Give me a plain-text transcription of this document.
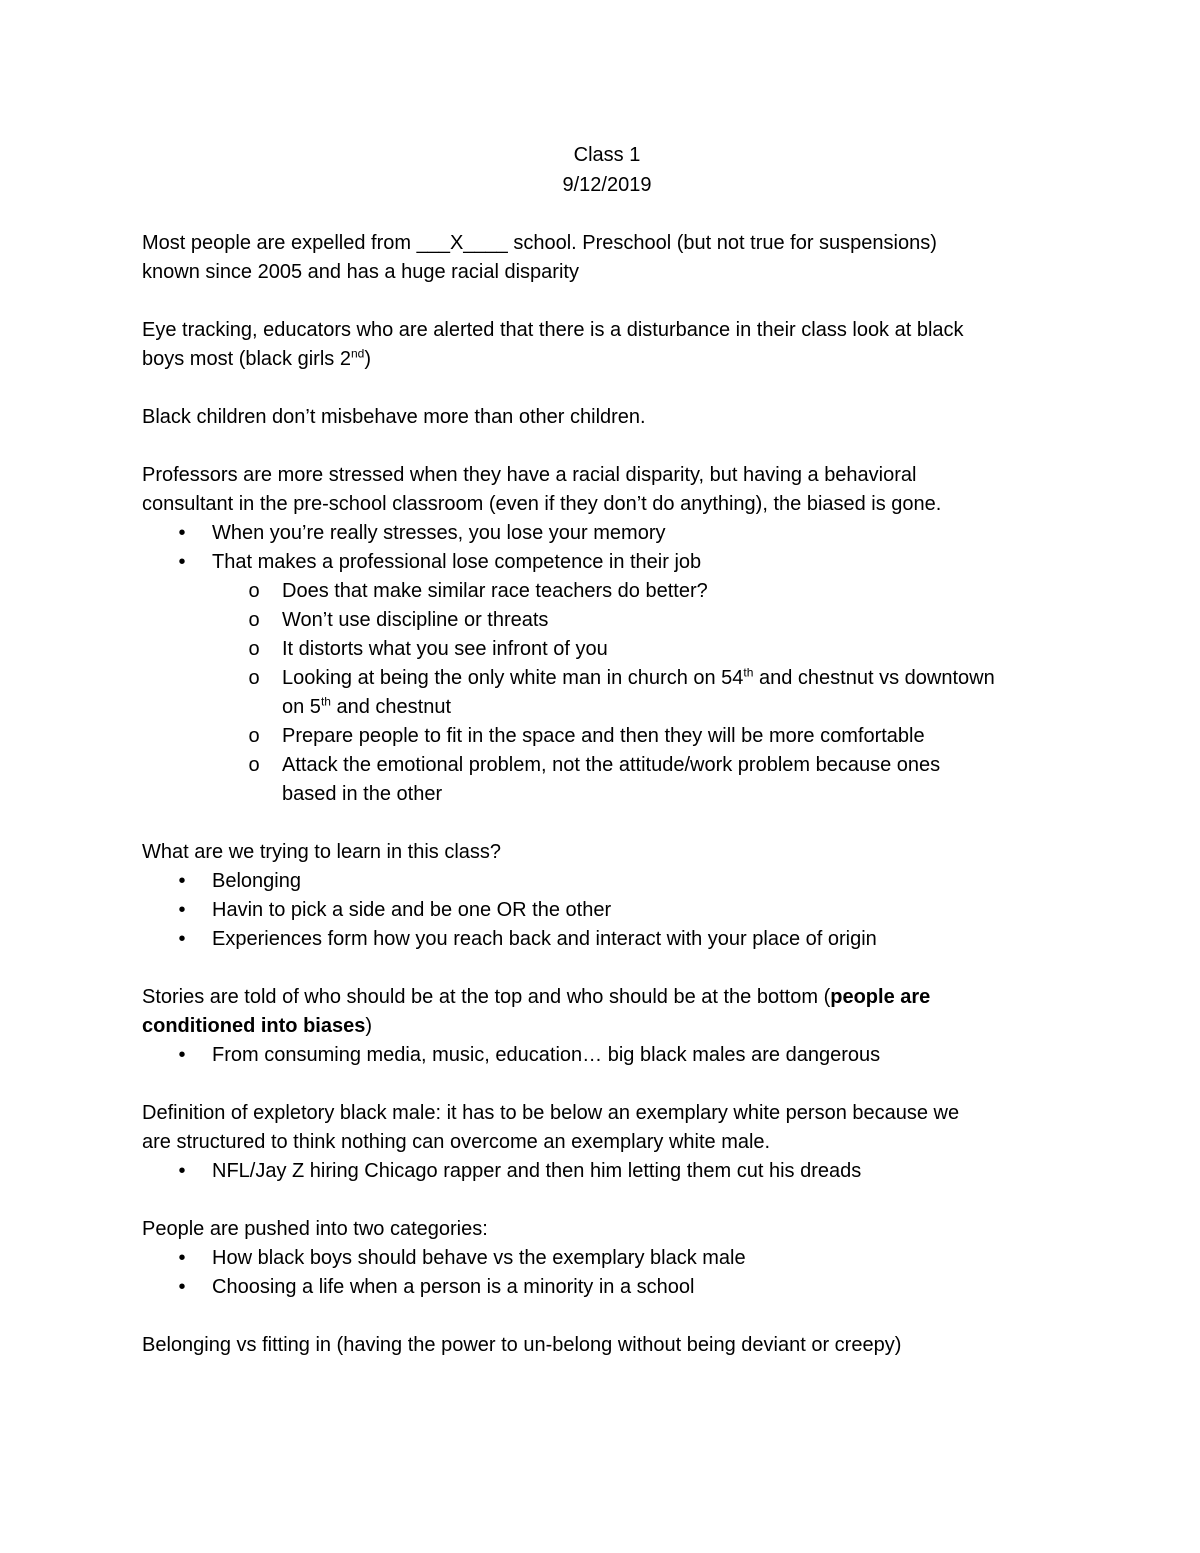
Class 1

9/12/2019

Most people are expelled from ___X____ school. Preschool (but not true for suspensions)

known since 2005 and has a huge racial disparity

Eye tracking, educators who are alerted that there is a disturbance in their class look at black

boys most (black girls 2nd)

Black children don’t misbehave more than other children.

Professors are more stressed when they have a racial disparity, but having a behavioral

consultant in the pre-school classroom (even if they don’t do anything), the biased is gone.

• When you’re really stresses, you lose your memory
• That makes a professional lose competence in their job
o Does that make similar race teachers do better?
o Won’t use discipline or threats
o It distorts what you see infront of you
o Looking at being the only white man in church on 54th and chestnut vs downtown
on 5th and chestnut
o Prepare people to fit in the space and then they will be more comfortable
o Attack the emotional problem, not the attitude/work problem because ones
based in the other

What are we trying to learn in this class?

• Belonging
• Havin to pick a side and be one OR the other
• Experiences form how you reach back and interact with your place of origin

Stories are told of who should be at the top and who should be at the bottom (people are

conditioned into biases)

• From consuming media, music, education… big black males are dangerous

Definition of expletory black male: it has to be below an exemplary white person because we

are structured to think nothing can overcome an exemplary white male.

• NFL/Jay Z hiring Chicago rapper and then him letting them cut his dreads

People are pushed into two categories:

• How black boys should behave vs the exemplary black male
• Choosing a life when a person is a minority in a school

Belonging vs fitting in (having the power to un-belong without being deviant or creepy)
